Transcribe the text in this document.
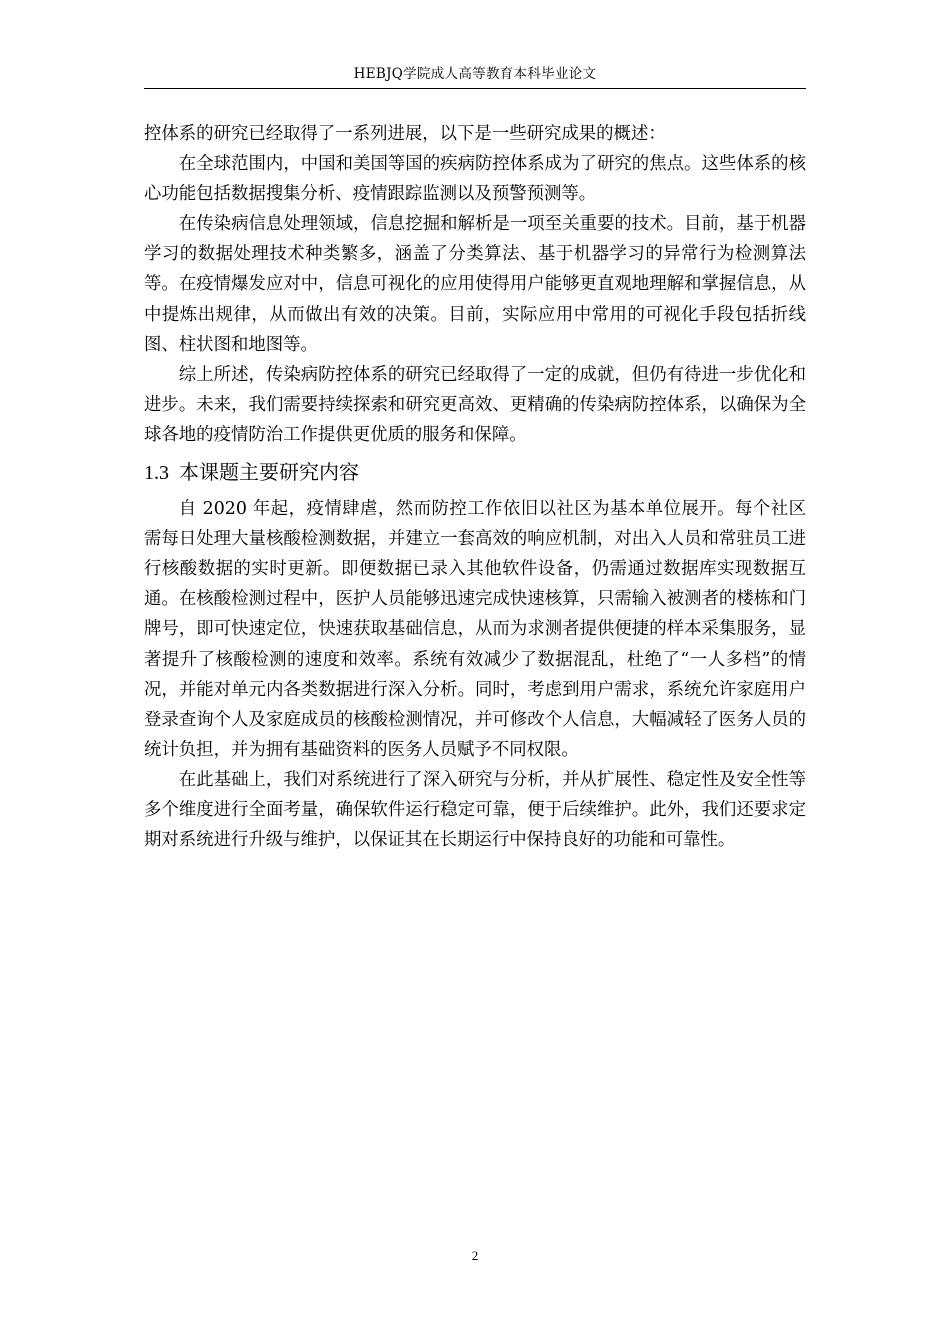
HEBJQ学院成人高等教育本科毕业论文

控体系的研究已经取得了一系列进展，以下是一些研究成果的概述：

在全球范围内，中国和美国等国的疾病防控体系成为了研究的焦点。这些体系的核心功能包括数据搜集分析、疫情跟踪监测以及预警预测等。

在传染病信息处理领域，信息挖掘和解析是一项至关重要的技术。目前，基于机器学习的数据处理技术种类繁多，涵盖了分类算法、基于机器学习的异常行为检测算法等。在疫情爆发应对中，信息可视化的应用使得用户能够更直观地理解和掌握信息，从中提炼出规律，从而做出有效的决策。目前，实际应用中常用的可视化手段包括折线图、柱状图和地图等。

综上所述，传染病防控体系的研究已经取得了一定的成就，但仍有待进一步优化和进步。未来，我们需要持续探索和研究更高效、更精确的传染病防控体系，以确保为全球各地的疫情防治工作提供更优质的服务和保障。

1.3 本课题主要研究内容

自 2020 年起，疫情肆虐，然而防控工作依旧以社区为基本单位展开。每个社区需每日处理大量核酸检测数据，并建立一套高效的响应机制，对出入人员和常驻员工进行核酸数据的实时更新。即便数据已录入其他软件设备，仍需通过数据库实现数据互通。在核酸检测过程中，医护人员能够迅速完成快速核算，只需输入被测者的楼栋和门牌号，即可快速定位，快速获取基础信息，从而为求测者提供便捷的样本采集服务，显著提升了核酸检测的速度和效率。系统有效减少了数据混乱，杜绝了“一人多档”的情况，并能对单元内各类数据进行深入分析。同时，考虑到用户需求，系统允许家庭用户登录查询个人及家庭成员的核酸检测情况，并可修改个人信息，大幅减轻了医务人员的统计负担，并为拥有基础资料的医务人员赋予不同权限。

在此基础上，我们对系统进行了深入研究与分析，并从扩展性、稳定性及安全性等多个维度进行全面考量，确保软件运行稳定可靠，便于后续维护。此外，我们还要求定期对系统进行升级与维护，以保证其在长期运行中保持良好的功能和可靠性。

2
